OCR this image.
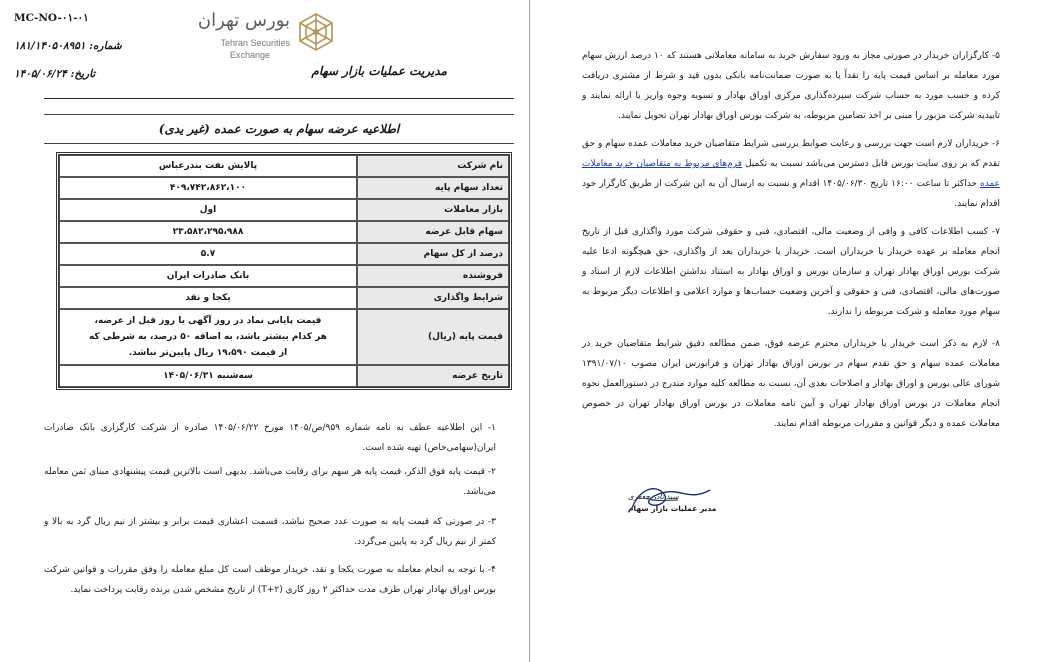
MC-NO-۰۱-۰۱
شماره: ۱۸۱/۱۴۰۵۰۸۹۵۱
تاریخ: ۱۴۰۵/۰۶/۲۴
بورس تهران
Tehran Securities
Exchange
مدیریت عملیات بازار سهام
اطلاعیه عرضه سهام به صورت عمده (غیر یدی)
نام شرکت	پالایش نفت بندرعباس
تعداد سهام پایه	۴۰۹،۷۴۲،۸۶۲،۱۰۰
بازار معاملات	اول
سهام قابل عرضه	۲۳،۵۸۲،۲۹۵،۹۸۸
درصد از کل سهام	۵.۷
فروشنده	بانک صادرات ایران
شرایط واگذاری	یکجا و نقد
قیمت پایه (ریال)	قیمت پایانی نماد در روز آگهی یا روز قبل از عرضه،
هر کدام بیشتر باشد، به اضافه ۵۰ درصد، به شرطی که
از قیمت ۱۹،۵۹۰ ریال پایین‌تر نباشد.

تاریخ عرضه	سه‌شنبه ۱۴۰۵/۰۶/۳۱

۱- این اطلاعیه عطف به نامه شماره ۹۵۹/ص/۱۴۰۵ مورخ ۱۴۰۵/۰۶/۲۲ صادره از شرکت کارگزاری بانک صادرات ایران(سهامی‌خاص) تهیه شده است.

۲- قیمت پایه فوق الذکر، قیمت پایه هر سهم برای رقابت می‌باشد. بدیهی است بالاترین قیمت پیشنهادی مبنای ثمن معامله می‌باشد.

۳- در صورتی که قیمت پایه به صورت عدد صحیح نباشد، قسمت اعشاری قیمت برابر و بیشتر از نیم ریال گرد به بالا و کمتر از نیم ریال گرد به پایین می‌گردد.

۴- با توجه به انجام معامله به صورت یکجا و نقد، خریدار موظف است کل مبلغ معامله را وفق مقررات و قوانین شرکت بورس اوراق بهادار تهران ظرف مدت حداکثر ۲ روز کاری (T+۲) از تاریخ مشخص شدن برنده رقابت پرداخت نماید.

۵- کارگزاران خریدار در صورتی مجاز به ورود سفارش خرید به سامانه معاملاتی هستند که ۱۰ درصد ارزش سهام مورد معامله بر اساس قیمت پایه را نقداً یا به صورت ضمانت‌نامه بانکی بدون قید و شرط از مشتری دریافت کرده و حسب مورد به حساب شرکت سپرده‌گذاری مرکزی اوراق بهادار و تسویه وجوه واریز یا ارائه نمایند و تاییدیه شرکت مزبور را مبنی بر اخذ تضامین مربوطه، به شرکت بورس اوراق بهادار تهران تحویل نمایند.

۶- خریداران لازم است جهت بررسی و رعایت ضوابط بررسی شرایط متقاضیان خرید معاملات عمده سهام و حق تقدم که بر روی سایت بورس قابل دسترس می‌باشد نسبت به تکمیل فرم‌های مربوط به متقاضیان خرید معاملات عمده حداکثر تا ساعت ۱۶:۰۰ تاریخ ۱۴۰۵/۰۶/۳۰ اقدام و نسبت به ارسال آن به این شرکت از طریق کارگزار خود اقدام نمایند.

۷- کسب اطلاعات کافی و وافی از وضعیت مالی، اقتصادی، فنی و حقوقی شرکت مورد واگذاری قبل از تاریخ انجام معامله بر عهده خریدار یا خریداران است. خریدار یا خریداران بعد از واگذاری، حق هیچگونه ادعا علیه شرکت بورس اوراق بهادار تهران و سازمان بورس و اوراق بهادار به استناد نداشتن اطلاعات لازم از اسناد و صورت‌های مالی، اقتصادی، فنی و حقوقی و آخرین وضعیت حساب‌ها و موارد اعلامی و اطلاعات دیگر مربوط به سهام مورد معامله و شرکت مربوطه را ندارند.

۸- لازم به ذکر است خریدار یا خریداران محترم عرضه فوق، ضمن مطالعه دقیق شرایط متقاضیان خرید در معاملات عمده سهام و حق تقدم سهام در بورس اوراق بهادار تهران و فرابورس ایران مصوب ۱۳۹۱/۰۷/۱۰ شورای عالی بورس و اوراق بهادار و اصلاحات بعدی آن، نسبت به مطالعه کلیه موارد مندرج در دستورالعمل نحوه انجام معاملات در بورس اوراق بهادار تهران و آیین نامه معاملات در بورس اوراق بهادار تهران در خصوص معاملات عمده و دیگر قوانین و مقررات مربوطه اقدام نمایند.

سید نادر جعفری
مدیر عملیات بازار سهام
